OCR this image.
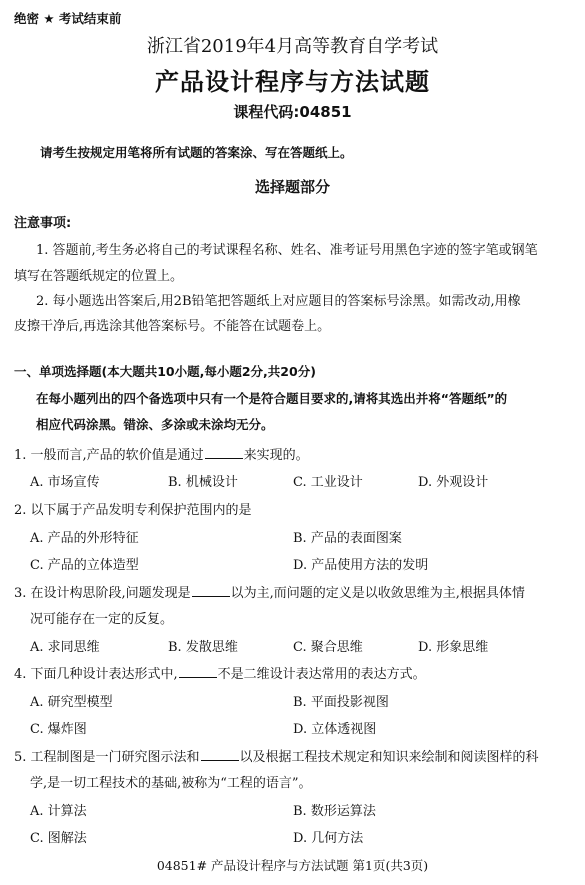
绝密 ★ 考试结束前
浙江省2019年4月高等教育自学考试
产品设计程序与方法试题
课程代码:04851
请考生按规定用笔将所有试题的答案涂、写在答题纸上。
选择题部分
注意事项:
1. 答题前,考生务必将自己的考试课程名称、姓名、准考证号用黑色字迹的签字笔或钢笔
填写在答题纸规定的位置上。
2. 每小题选出答案后,用2B铅笔把答题纸上对应题目的答案标号涂黑。如需改动,用橡
皮擦干净后,再选涂其他答案标号。不能答在试题卷上。
一、单项选择题(本大题共10小题,每小题2分,共20分)
在每小题列出的四个备选项中只有一个是符合题目要求的,请将其选出并将“答题纸”的
相应代码涂黑。错涂、多涂或未涂均无分。
1. 一般而言,产品的软价值是通过	来实现的。
A. 市场宣传	B. 机械设计	C. 工业设计	D. 外观设计
2. 以下属于产品发明专利保护范围内的是
A. 产品的外形特征	B. 产品的表面图案
C. 产品的立体造型	D. 产品使用方法的发明
3. 在设计构思阶段,问题发现是	以为主,而问题的定义是以收敛思维为主,根据具体情
况可能存在一定的反复。
A. 求同思维	B. 发散思维	C. 聚合思维	D. 形象思维
4. 下面几种设计表达形式中,	不是二维设计表达常用的表达方式。
A. 研究型模型	B. 平面投影视图
C. 爆炸图	D. 立体透视图
5. 工程制图是一门研究图示法和	以及根据工程技术规定和知识来绘制和阅读图样的科
学,是一切工程技术的基础,被称为“工程的语言”。
A. 计算法	B. 数形运算法
C. 图解法	D. 几何方法
04851# 产品设计程序与方法试题 第1页(共3页)
